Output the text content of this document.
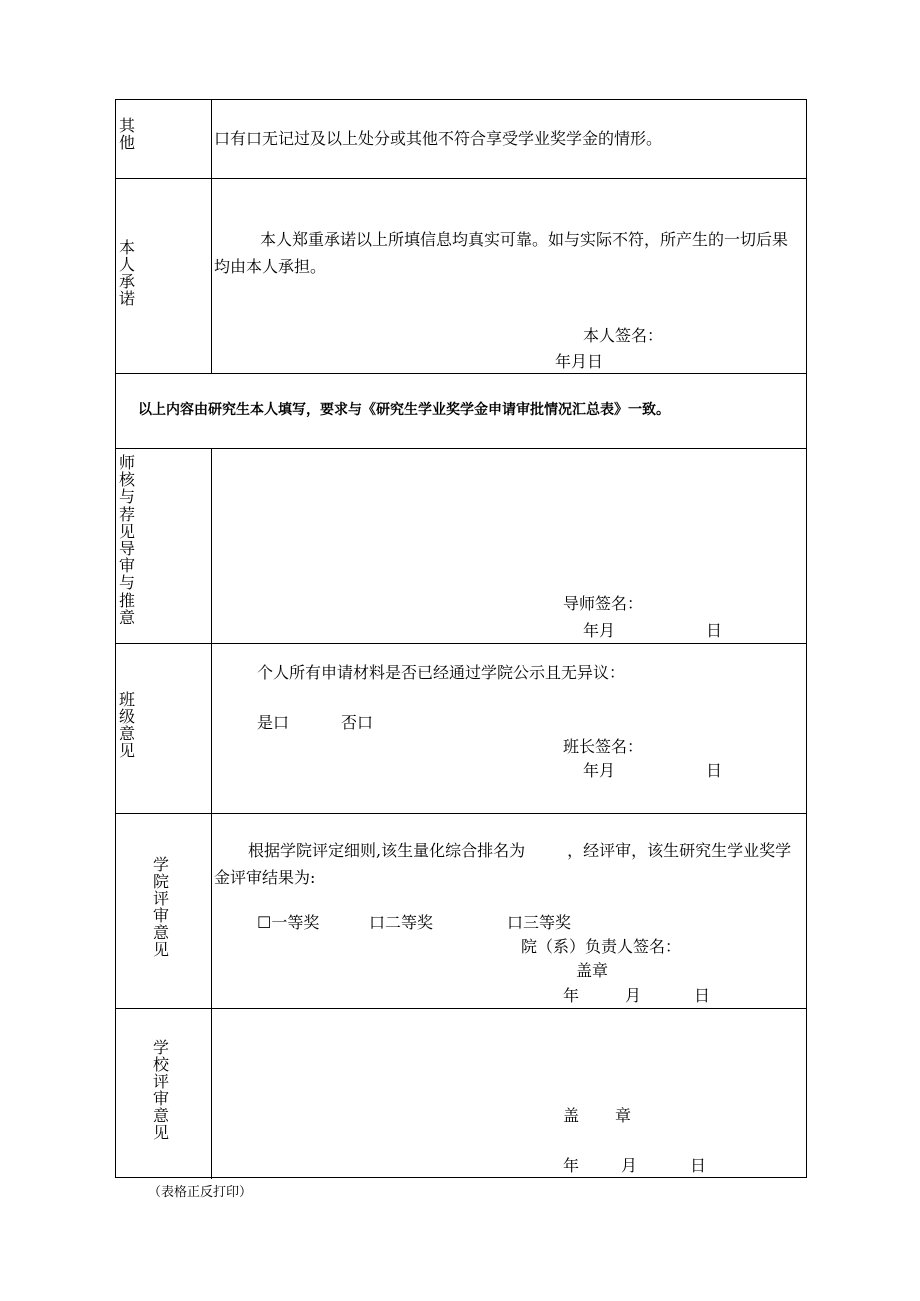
其他	口有口无记过及以上处分或其他不符合享受学业奖学金的情形。
本人承诺
本人郑重承诺以上所填信息均真实可靠。如与实际不符，所产生的一切后果均由本人承担。
本人签名：
年月日
以上内容由研究生本人填写，要求与《研究生学业奖学金申请审批情况汇总表》一致。
师核与荐见导审与推意
导师签名：
年月	日
班级意见
个人所有申请材料是否已经通过学院公示且无异议：
是口	否口
班长签名：
年月	日
学院评审意见
根据学院评定细则,该生量化综合排名为	，经评审，该生研究生学业奖学金评审结果为:
☐一等奖	口二等奖	口三等奖
院（系）负责人签名：
盖章
年	月	日
学校评审意见
盖 章
年	月	日
（表格正反打印）
